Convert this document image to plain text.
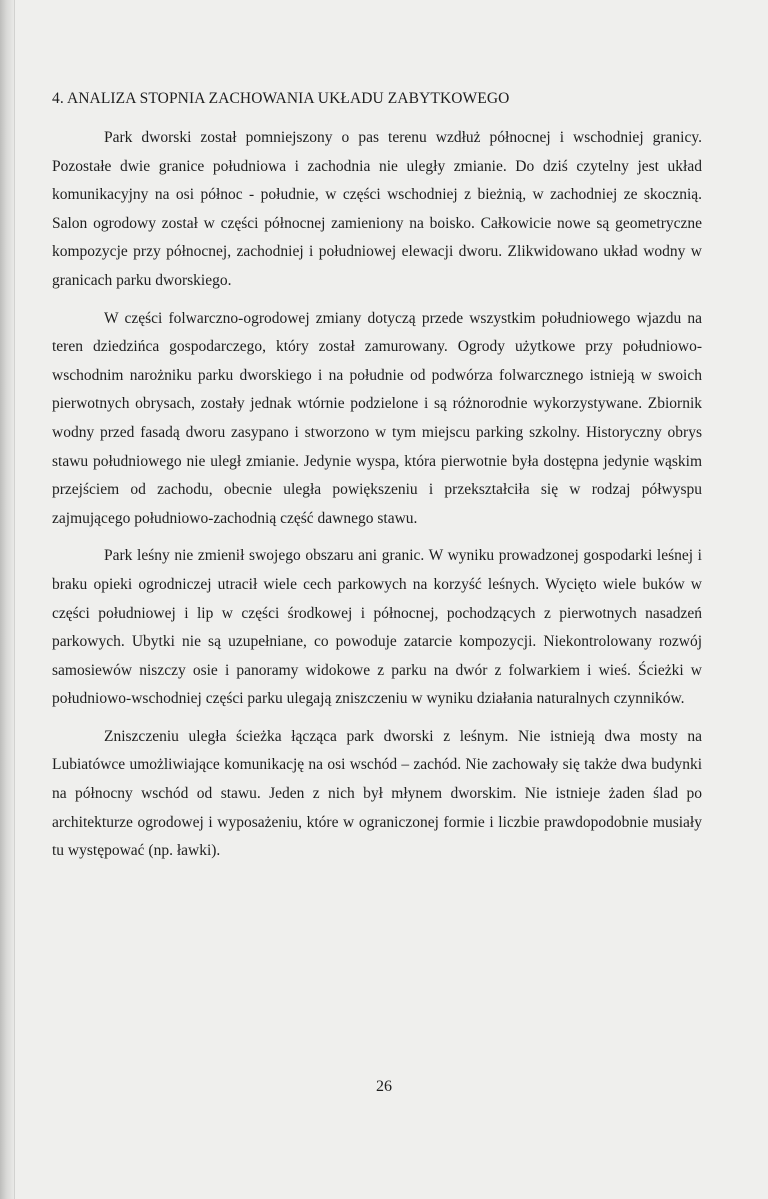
4. ANALIZA STOPNIA ZACHOWANIA UKŁADU ZABYTKOWEGO

Park dworski został pomniejszony o pas terenu wzdłuż północnej i wschodniej granicy. Pozostałe dwie granice południowa i zachodnia nie uległy zmianie. Do dziś czytelny jest układ komunikacyjny na osi północ - południe, w części wschodniej z bieżnią, w zachodniej ze skocznią. Salon ogrodowy został w części północnej zamieniony na boisko. Całkowicie nowe są geometryczne kompozycje przy północnej, zachodniej i południowej elewacji dworu. Zlikwidowano układ wodny w granicach parku dworskiego.

W części folwarczno-ogrodowej zmiany dotyczą przede wszystkim południowego wjazdu na teren dziedzińca gospodarczego, który został zamurowany. Ogrody użytkowe przy południowo-wschodnim narożniku parku dworskiego i na południe od podwórza folwarcznego istnieją w swoich pierwotnych obrysach, zostały jednak wtórnie podzielone i są różnorodnie wykorzystywane. Zbiornik wodny przed fasadą dworu zasypano i stworzono w tym miejscu parking szkolny. Historyczny obrys stawu południowego nie uległ zmianie. Jedynie wyspa, która pierwotnie była dostępna jedynie wąskim przejściem od zachodu, obecnie uległa powiększeniu i przekształciła się w rodzaj półwyspu zajmującego południowo-zachodnią część dawnego stawu.

Park leśny nie zmienił swojego obszaru ani granic. W wyniku prowadzonej gospodarki leśnej i braku opieki ogrodniczej utracił wiele cech parkowych na korzyść leśnych. Wycięto wiele buków w części południowej i lip w części środkowej i północnej, pochodzących z pierwotnych nasadzeń parkowych. Ubytki nie są uzupełniane, co powoduje zatarcie kompozycji. Niekontrolowany rozwój samosiewów niszczy osie i panoramy widokowe z parku na dwór z folwarkiem i wieś. Ścieżki w południowo-wschodniej części parku ulegają zniszczeniu w wyniku działania naturalnych czynników.

Zniszczeniu uległa ścieżka łącząca park dworski z leśnym. Nie istnieją dwa mosty na Lubiatówce umożliwiające komunikację na osi wschód – zachód. Nie zachowały się także dwa budynki na północny wschód od stawu. Jeden z nich był młynem dworskim. Nie istnieje żaden ślad po architekturze ogrodowej i wyposażeniu, które w ograniczonej formie i liczbie prawdopodobnie musiały tu występować (np. ławki).

26
